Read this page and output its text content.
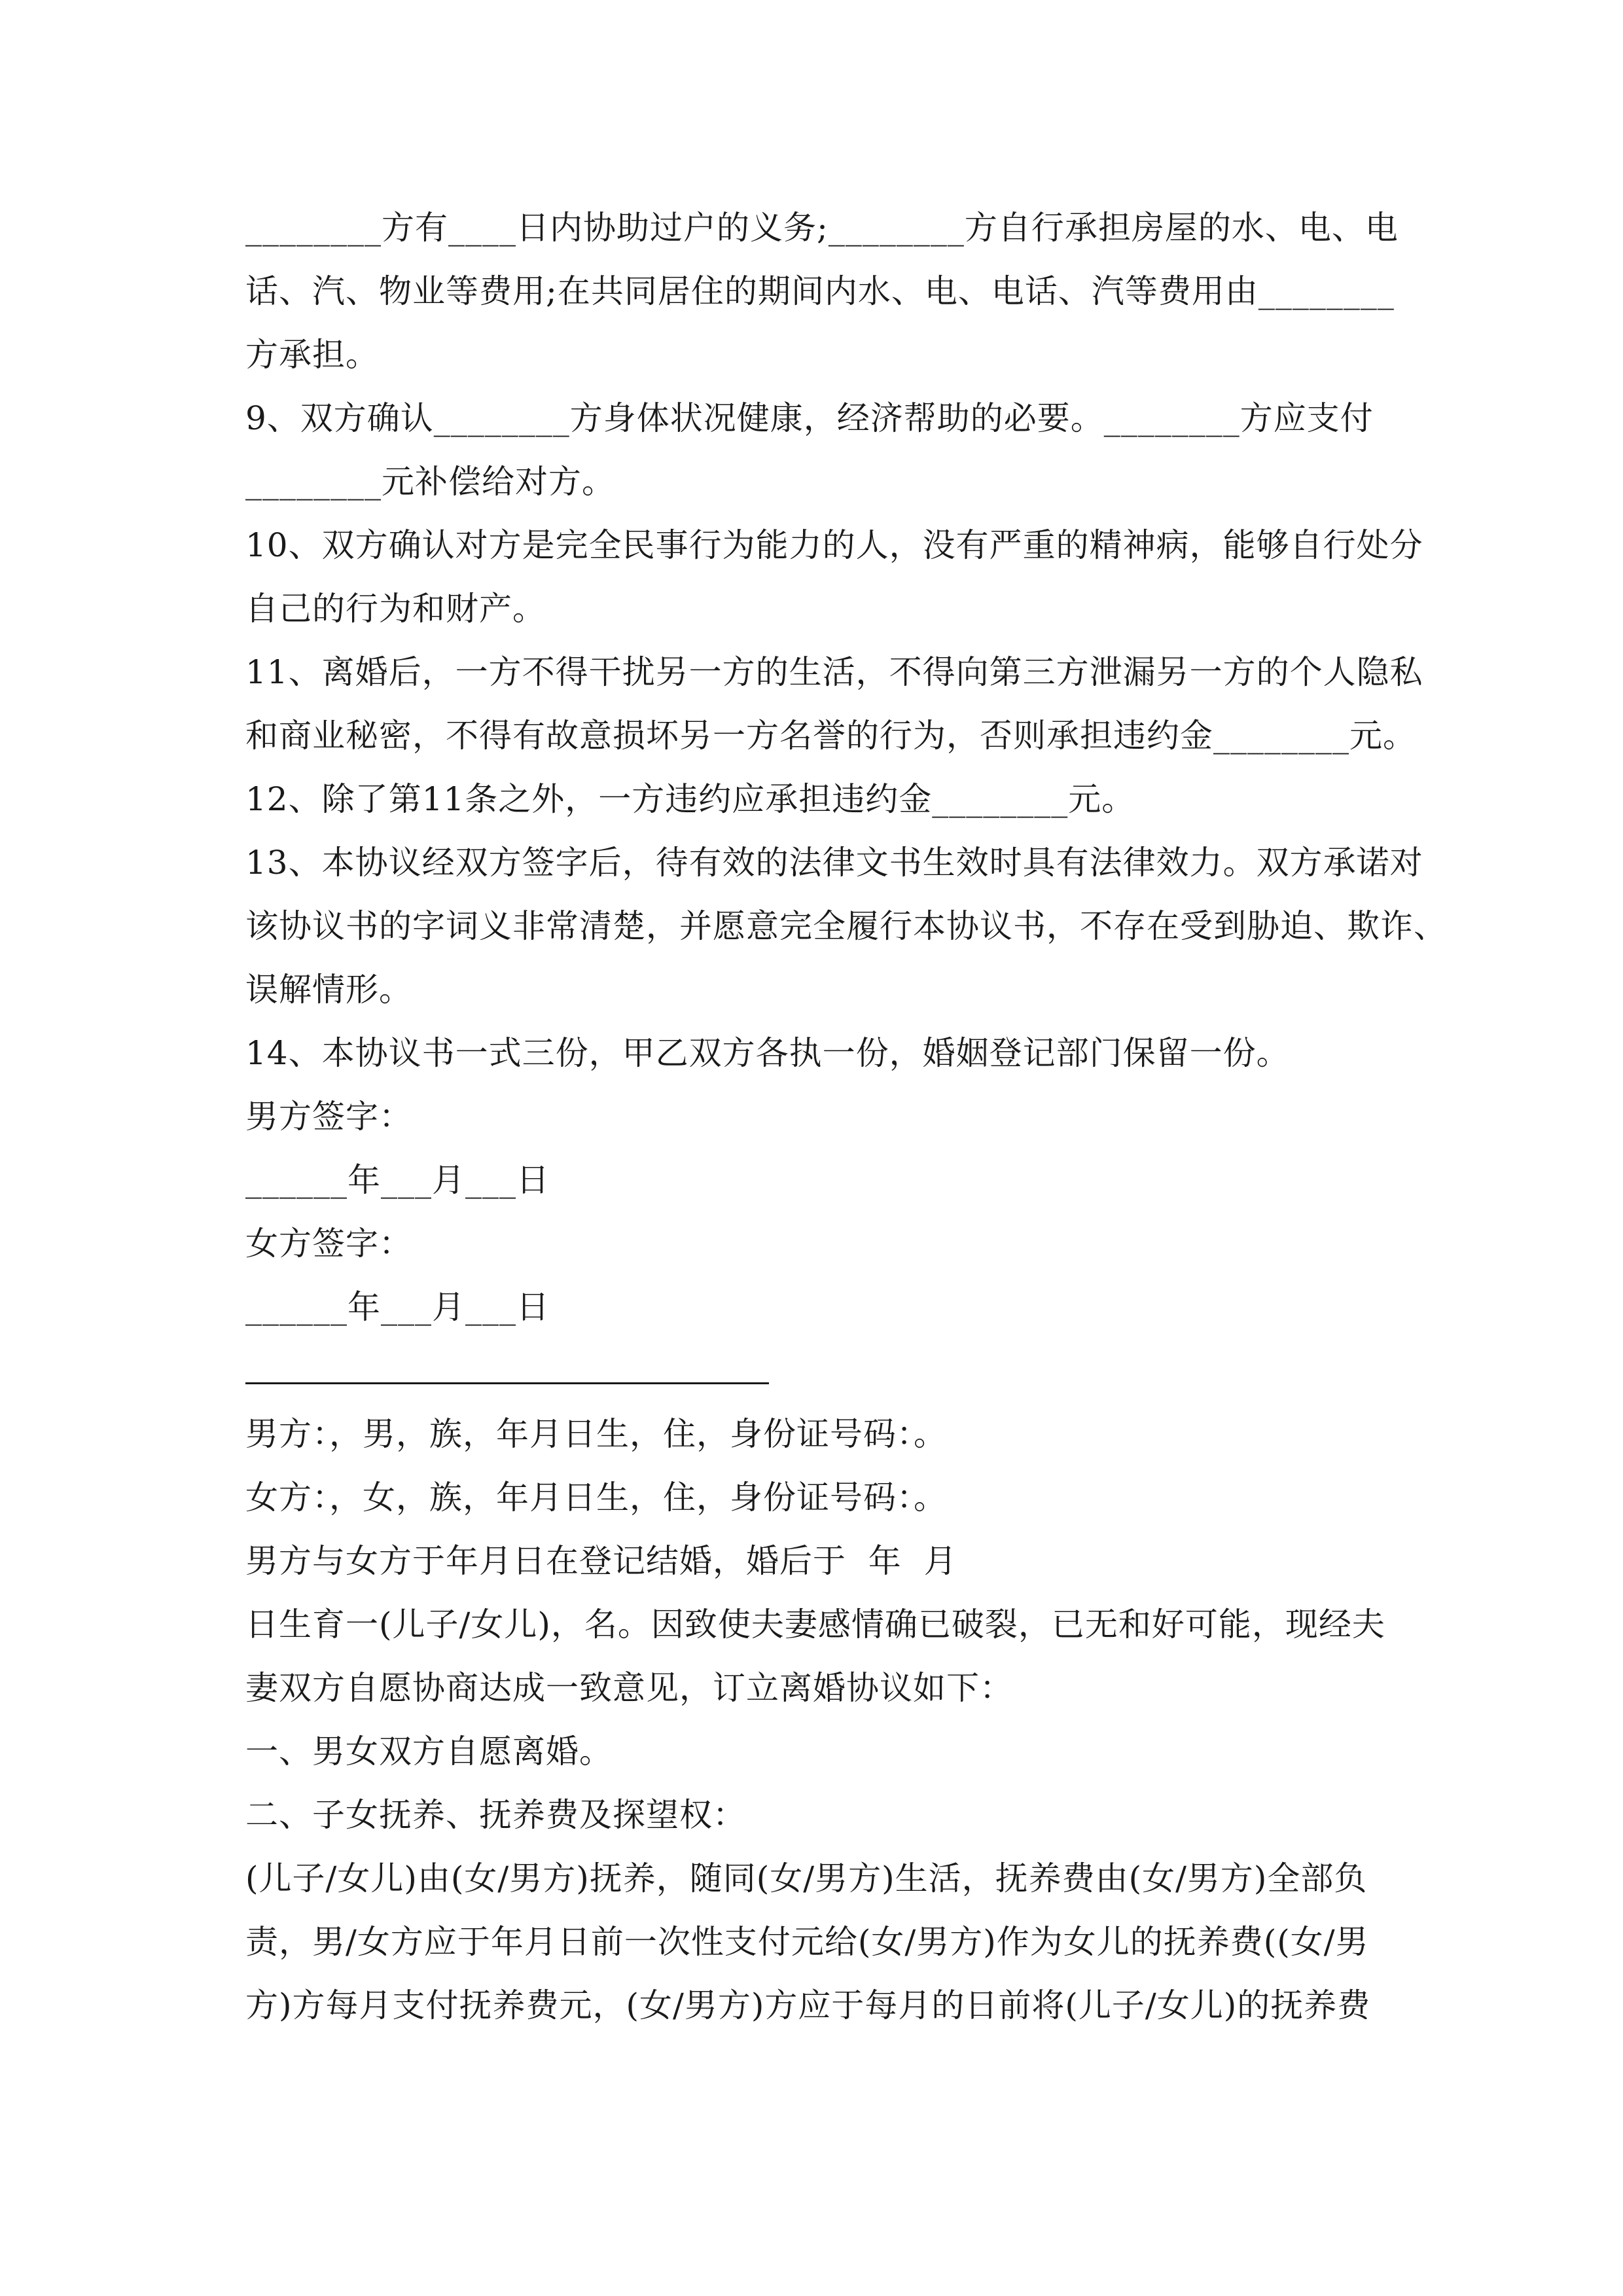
________方有____日内协助过户的义务;________方自行承担房屋的水、电、电
话、汽、物业等费用;在共同居住的期间内水、电、电话、汽等费用由________
方承担。
9、双方确认________方身体状况健康，经济帮助的必要。________方应支付
________元补偿给对方。
10、双方确认对方是完全民事行为能力的人，没有严重的精神病，能够自行处分
自己的行为和财产。
11、离婚后，一方不得干扰另一方的生活，不得向第三方泄漏另一方的个人隐私
和商业秘密，不得有故意损坏另一方名誉的行为，否则承担违约金________元。
12、除了第11条之外，一方违约应承担违约金________元。
13、本协议经双方签字后，待有效的法律文书生效时具有法律效力。双方承诺对
该协议书的字词义非常清楚，并愿意完全履行本协议书，不存在受到胁迫、欺诈、
误解情形。
14、本协议书一式三份，甲乙双方各执一份，婚姻登记部门保留一份。
男方签字：
______年___月___日
女方签字：
______年___月___日
男方：，男，族，年月日生，住，身份证号码：。
女方：，女，族，年月日生，住，身份证号码：。
男方与女方于年月日在登记结婚，婚后于  年  月
日生育一(儿子/女儿)，名。因致使夫妻感情确已破裂，已无和好可能，现经夫
妻双方自愿协商达成一致意见，订立离婚协议如下：
一、男女双方自愿离婚。
二、子女抚养、抚养费及探望权：
(儿子/女儿)由(女/男方)抚养，随同(女/男方)生活，抚养费由(女/男方)全部负
责，男/女方应于年月日前一次性支付元给(女/男方)作为女儿的抚养费((女/男
方)方每月支付抚养费元，(女/男方)方应于每月的日前将(儿子/女儿)的抚养费
